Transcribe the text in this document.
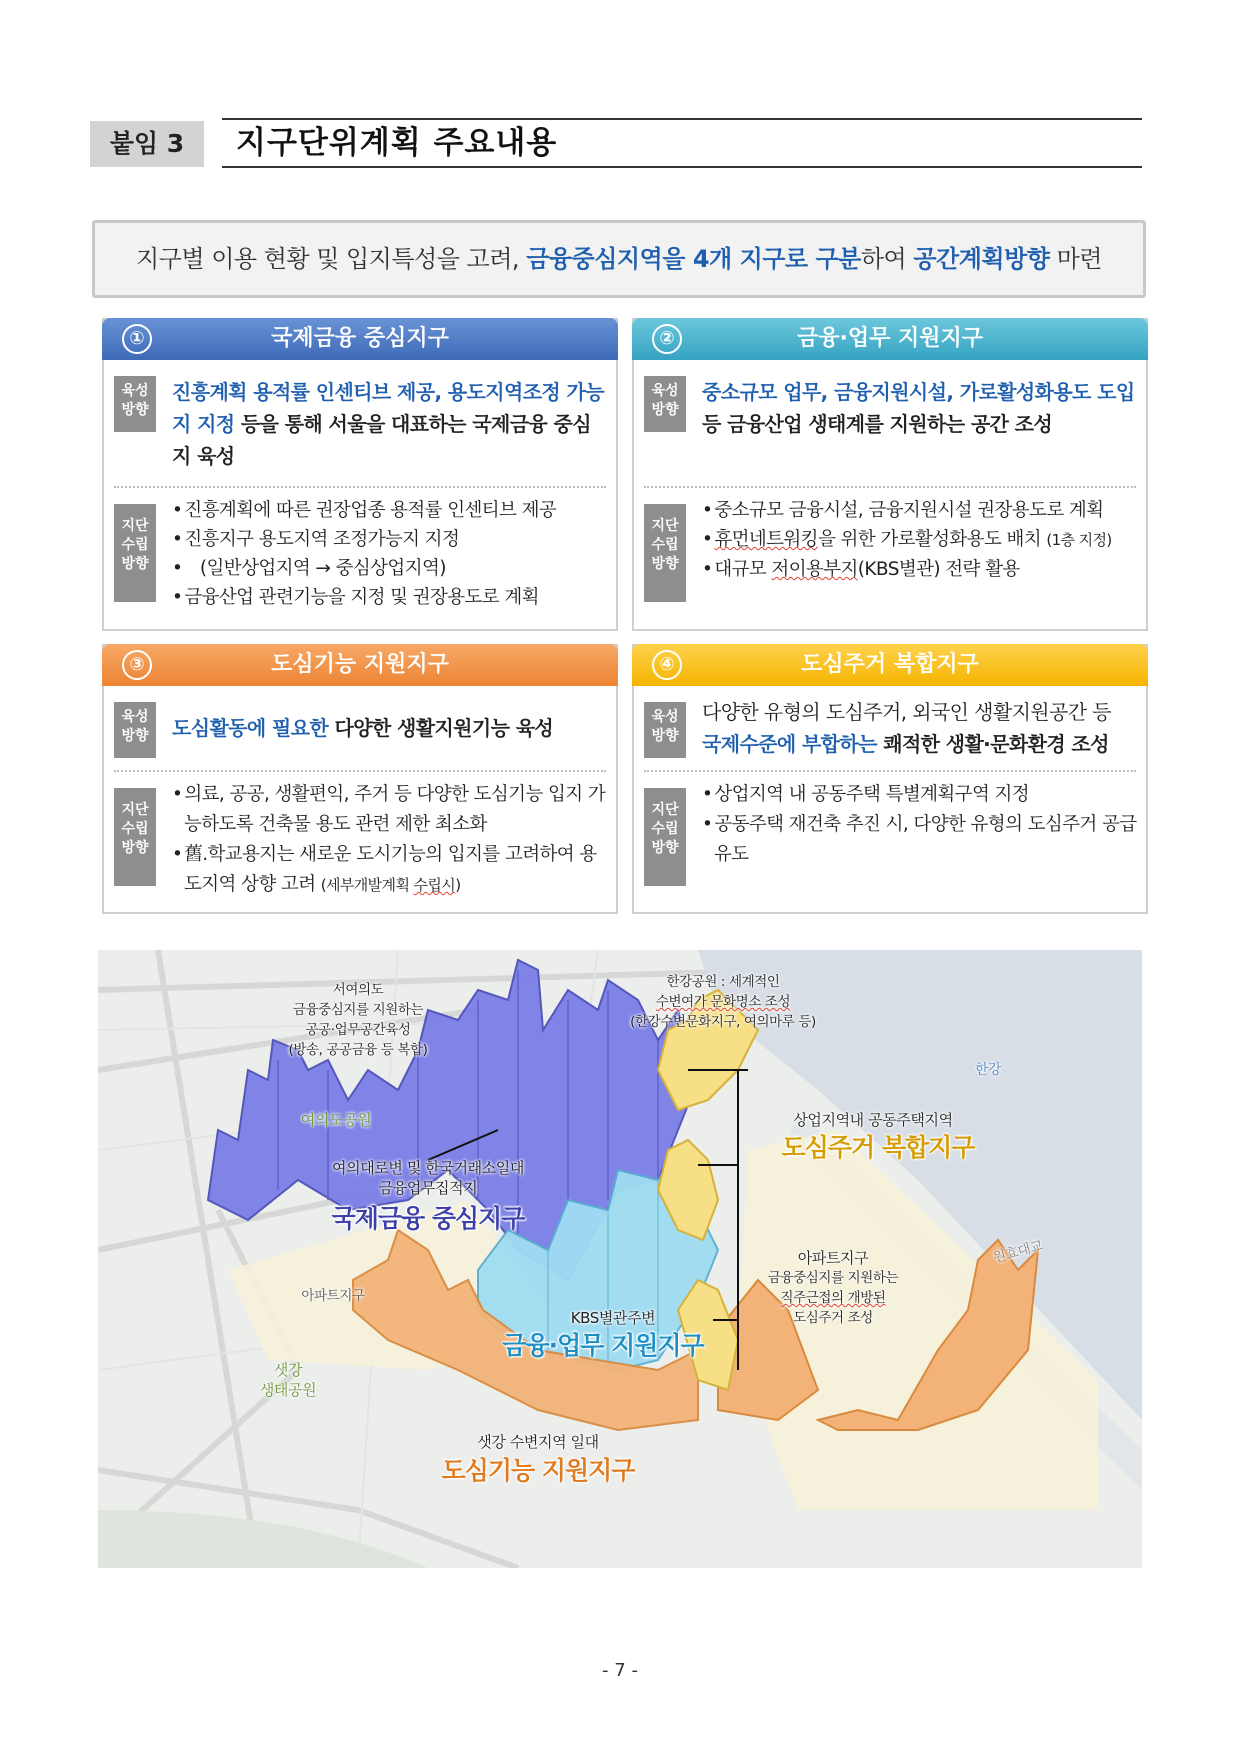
붙임 3	지구단위계획 주요내용
지구별 이용 현황 및 입지특성을 고려, 금융중심지역을 4개 지구로 구분하여 공간계획방향 마련
①	국제금융 중심지구
육성
방향
진흥계획 용적률 인센티브 제공, 용도지역조정 가능지 지정 등을 통해 서울을 대표하는 국제금융 중심지 육성
지단
수립
방향
• 진흥계획에 따른 권장업종 용적률 인센티브 제공
• 진흥지구 용도지역 조정가능지 지정
• (일반상업지역 → 중심상업지역)
• 금융산업 관련기능을 지정 및 권장용도로 계획
②	금융·업무 지원지구
육성
방향
중소규모 업무, 금융지원시설, 가로활성화용도 도입 등 금융산업 생태계를 지원하는 공간 조성
지단
수립
방향
• 중소규모 금융시설, 금융지원시설 권장용도로 계획
• 휴먼네트워킹을 위한 가로활성화용도 배치 (1층 지정)
• 대규모 저이용부지(KBS별관) 전략 활용
③	도심기능 지원지구
육성
방향	도심활동에 필요한 다양한 생활지원기능 육성
지단
수립
방향
• 의료, 공공, 생활편익, 주거 등 다양한 도심기능 입지 가능하도록 건축물 용도 관련 제한 최소화
• 舊.학교용지는 새로운 도시기능의 입지를 고려하여 용도지역 상향 고려 (세부개발계획 수립시)
④	도심주거 복합지구
육성
방향
다양한 유형의 도심주거, 외국인 생활지원공간 등
국제수준에 부합하는 쾌적한 생활·문화환경 조성
지단
수립
방향
• 상업지역 내 공동주택 특별계획구역 지정
• 공동주택 재건축 추진 시, 다양한 유형의 도심주거 공급 유도
서여의도
금융중심지를 지원하는
공공·업무공간육성
(방송, 공공금융 등 복합)
한강공원 : 세계적인
수변여가 문화명소 조성
(한강수변문화지구, 여의마루 등)
한강
여의도공원	상업지역내 공동주택지역
도심주거 복합지구
여의대로변 및 한국거래소일대
금융업무집적지
국제금융 중심지구
아파트지구
금융중심지를 지원하는
직주근접의 개방된
도심주거 조성
원효대교
아파트지구
KBS별관주변
금융·업무 지원지구
샛강
생태공원
샛강 수변지역 일대
도심기능 지원지구
- 7 -
